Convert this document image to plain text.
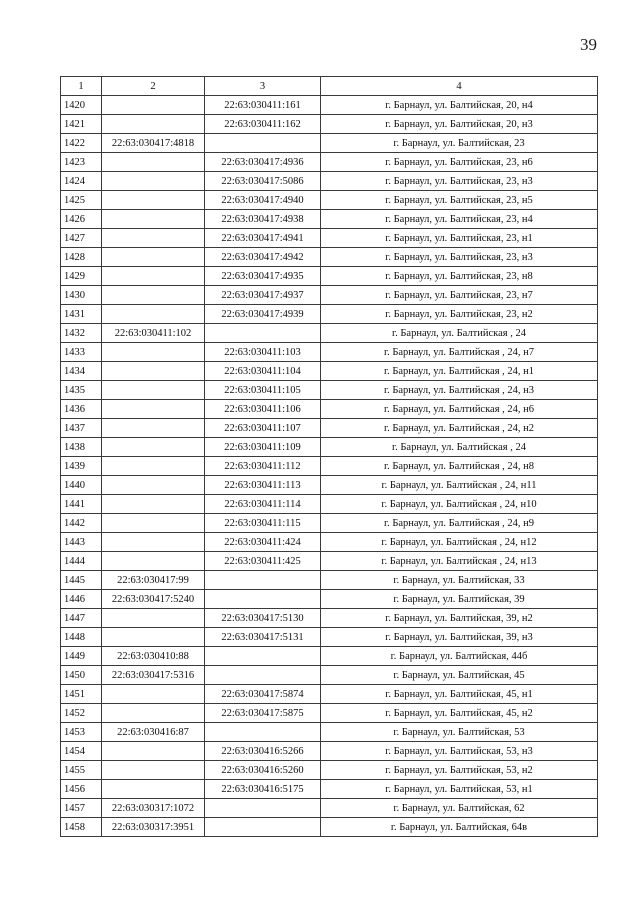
39
1	2	3	4
1420		22:63:030411:161	г. Барнаул, ул. Балтийская, 20, н4
1421		22:63:030411:162	г. Барнаул, ул. Балтийская, 20, н3
1422	22:63:030417:4818		г. Барнаул, ул. Балтийская, 23
1423		22:63:030417:4936	г. Барнаул, ул. Балтийская, 23, н6
1424		22:63:030417:5086	г. Барнаул, ул. Балтийская, 23, н3
1425		22:63:030417:4940	г. Барнаул, ул. Балтийская, 23, н5
1426		22:63:030417:4938	г. Барнаул, ул. Балтийская, 23, н4
1427		22:63:030417:4941	г. Барнаул, ул. Балтийская, 23, н1
1428		22:63:030417:4942	г. Барнаул, ул. Балтийская, 23, н3
1429		22:63:030417:4935	г. Барнаул, ул. Балтийская, 23, н8
1430		22:63:030417:4937	г. Барнаул, ул. Балтийская, 23, н7
1431		22:63:030417:4939	г. Барнаул, ул. Балтийская, 23, н2
1432	22:63:030411:102		г. Барнаул, ул. Балтийская , 24
1433		22:63:030411:103	г. Барнаул, ул. Балтийская , 24, н7
1434		22:63:030411:104	г. Барнаул, ул. Балтийская , 24, н1
1435		22:63:030411:105	г. Барнаул, ул. Балтийская , 24, н3
1436		22:63:030411:106	г. Барнаул, ул. Балтийская , 24, н6
1437		22:63:030411:107	г. Барнаул, ул. Балтийская , 24, н2
1438		22:63:030411:109	г. Барнаул, ул. Балтийская , 24
1439		22:63:030411:112	г. Барнаул, ул. Балтийская , 24, н8
1440		22:63:030411:113	г. Барнаул, ул. Балтийская , 24, н11
1441		22:63:030411:114	г. Барнаул, ул. Балтийская , 24, н10
1442		22:63:030411:115	г. Барнаул, ул. Балтийская , 24, н9
1443		22:63:030411:424	г. Барнаул, ул. Балтийская , 24, н12
1444		22:63:030411:425	г. Барнаул, ул. Балтийская , 24, н13
1445	22:63:030417:99		г. Барнаул, ул. Балтийская, 33
1446	22:63:030417:5240		г. Барнаул, ул. Балтийская, 39
1447		22:63:030417:5130	г. Барнаул, ул. Балтийская, 39, н2
1448		22:63:030417:5131	г. Барнаул, ул. Балтийская, 39, н3
1449	22:63:030410:88		г. Барнаул, ул. Балтийская, 44б
1450	22:63:030417:5316		г. Барнаул, ул. Балтийская, 45
1451		22:63:030417:5874	г. Барнаул, ул. Балтийская, 45, н1
1452		22:63:030417:5875	г. Барнаул, ул. Балтийская, 45, н2
1453	22:63:030416:87		г. Барнаул, ул. Балтийская, 53
1454		22:63:030416:5266	г. Барнаул, ул. Балтийская, 53, н3
1455		22:63:030416:5260	г. Барнаул, ул. Балтийская, 53, н2
1456		22:63:030416:5175	г. Барнаул, ул. Балтийская, 53, н1
1457	22:63:030317:1072		г. Барнаул, ул. Балтийская, 62
1458	22:63:030317:3951		г. Барнаул, ул. Балтийская, 64в
